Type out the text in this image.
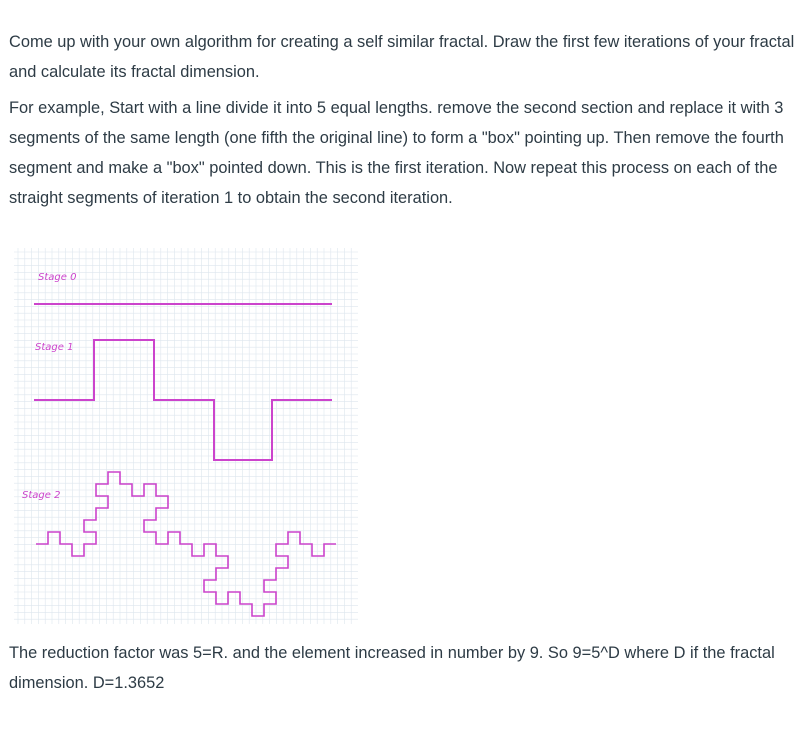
Come up with your own algorithm for creating a self similar fractal. Draw the first few iterations of your fractal and calculate its fractal dimension.

For example, Start with a line divide it into 5 equal lengths. remove the second section and replace it with 3 segments of the same length (one fifth the original line) to form a "box" pointing up. Then remove the fourth segment and make a "box" pointed down. This is the first iteration. Now repeat this process on each of the straight segments of iteration 1 to obtain the second iteration.

Stage 0
Stage 1
Stage 2

The reduction factor was 5=R. and the element increased in number by 9. So 9=5^D where D if the fractal dimension. D=1.3652
